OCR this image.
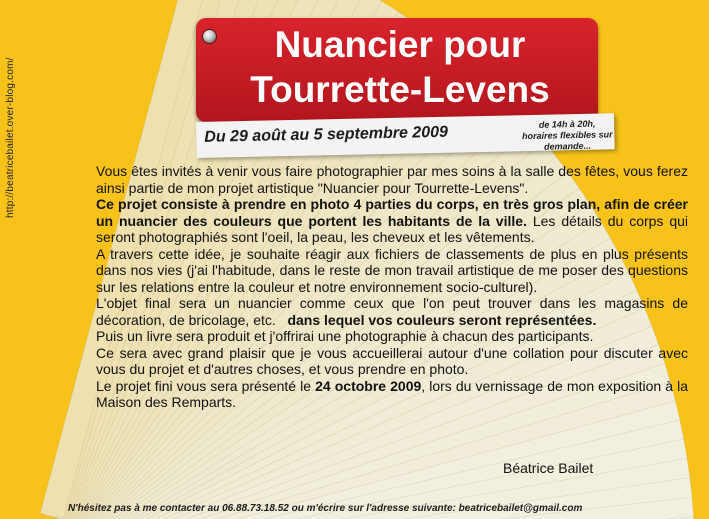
http://beatricebailet.over-blog.com/
Nuancier pour
Tourrette-Levens
Du 29 août au 5 septembre 2009	de 14h à 20h, horaires flexibles sur demande...

Vous êtes invités à venir vous faire photographier par mes soins à la salle des fêtes, vous ferez ainsi partie de mon projet artistique "Nuancier pour Tourrette-Levens".

Ce projet consiste à prendre en photo 4 parties du corps, en très gros plan, afin de créer un nuancier des couleurs que portent les habitants de la ville. Les détails du corps qui seront photographiés sont l'oeil, la peau, les cheveux et les vêtements.

A travers cette idée, je souhaite réagir aux fichiers de classements de plus en plus présents dans nos vies (j'ai l'habitude, dans le reste de mon travail artistique de me poser des questions sur les relations entre la couleur et notre environnement socio-culturel).

L'objet final sera un nuancier comme ceux que l'on peut trouver dans les magasins de décoration, de bricolage, etc. dans lequel vos couleurs seront représentées.

Puis un livre sera produit et j'offrirai une photographie à chacun des participants.

Ce sera avec grand plaisir que je vous accueillerai autour d'une collation pour discuter avec vous du projet et d'autres choses, et vous prendre en photo.

Le projet fini vous sera présenté le 24 octobre 2009, lors du vernissage de mon exposition à la Maison des Remparts.

Béatrice Bailet
N'hésitez pas à me contacter au 06.88.73.18.52 ou m'écrire sur l'adresse suivante: beatricebailet@gmail.com
